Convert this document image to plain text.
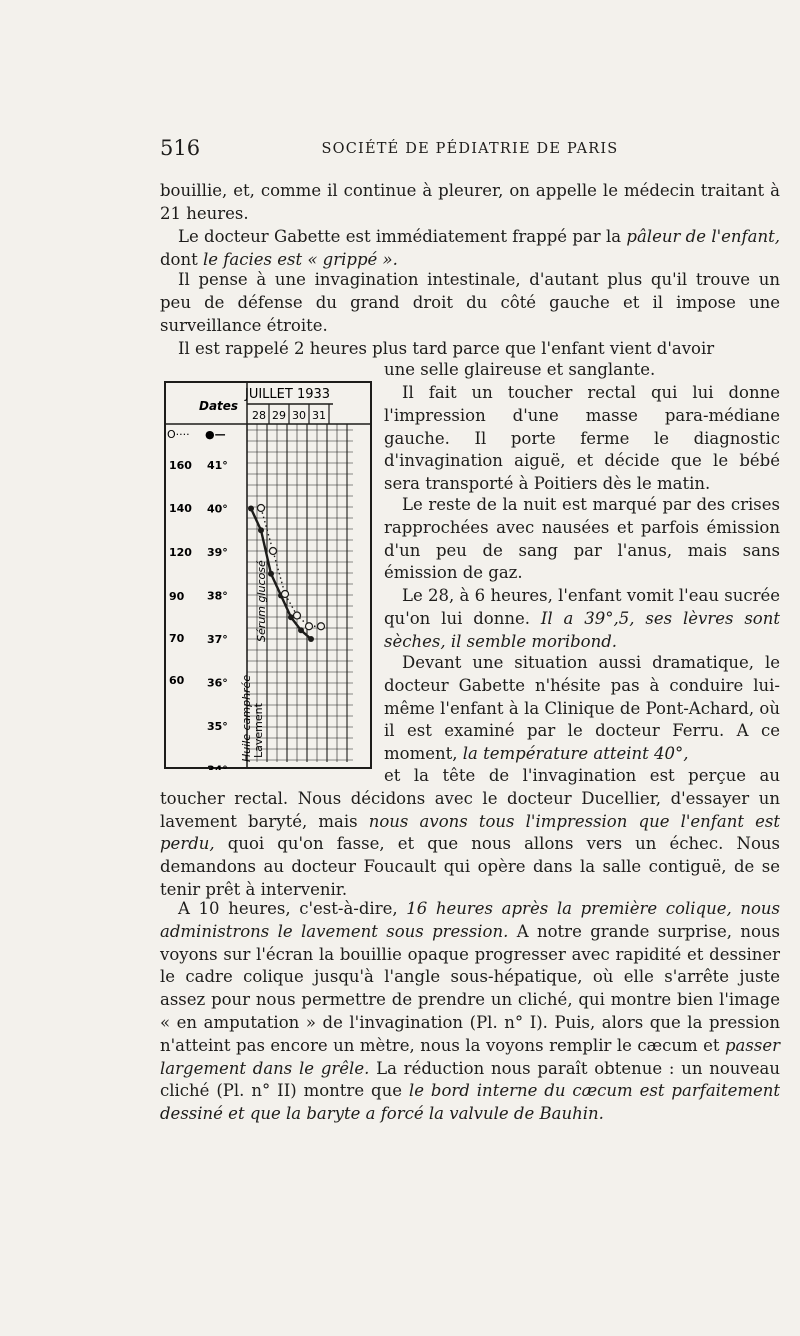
516	SOCIÉTÉ DE PÉDIATRIE DE PARIS

bouillie, et, comme il continue à pleurer, on appelle le médecin traitant à 21 heures.

Le docteur Gabette est immédiatement frappé par la pâleur de l'enfant, dont le facies est « grippé ».

Il pense à une invagination intestinale, d'autant plus qu'il trouve un peu de défense du grand droit du côté gauche et il impose une surveillance étroite.

Il est rappelé 2 heures plus tard parce que l'enfant vient d'avoir

une selle glaireuse et sanglante.

Il fait un toucher rectal qui lui donne l'impression d'une masse para-médiane gauche. Il porte ferme le diagnostic d'invagination aiguë, et décide que le bébé sera transporté à Poitiers dès le matin.

Le reste de la nuit est marqué par des crises rapprochées avec nausées et parfois émission d'un peu de sang par l'anus, mais sans émission de gaz.

Le 28, à 6 heures, l'enfant vomit l'eau sucrée qu'on lui donne. Il a 39°,5, ses lèvres sont sèches, il semble moribond.

Devant une situation aussi dramatique, le docteur Gabette n'hésite pas à conduire lui-même l'enfant à la Clinique de Pont-Achard, où il est examiné par le docteur Ferru. A ce moment, la température atteint 40°,

et la tête de l'invagination est perçue au toucher rectal. Nous décidons avec le docteur Ducellier, d'essayer un lavement baryté, mais nous avons tous l'impression que l'enfant est perdu, quoi qu'on fasse, et que nous allons vers un échec. Nous demandons au docteur Foucault qui opère dans la salle contiguë, de se tenir prêt à intervenir.

A 10 heures, c'est-à-dire, 16 heures après la première colique, nous administrons le lavement sous pression. A notre grande surprise, nous voyons sur l'écran la bouillie opaque progresser avec rapidité et dessiner le cadre colique jusqu'à l'angle sous-hépatique, où elle s'arrête juste assez pour nous permettre de prendre un cliché, qui montre bien l'image « en amputation » de l'invagination (Pl. n° I). Puis, alors que la pression n'atteint pas encore un mètre, nous la voyons remplir le cæcum et passer largement dans le grêle. La réduction nous paraît obtenue : un nouveau cliché (Pl. n° II) montre que le bord interne du cæcum est parfaitement dessiné et que la baryte a forcé la valvule de Bauhin.

28 29 30 31
160
140
120
90
70
60
41°
40°
39°
38°
37°
36°
35°
34°
Dates
JUILLET 1933
O···· ●—
Sérum glucosé
Huile camphrée Lavement
